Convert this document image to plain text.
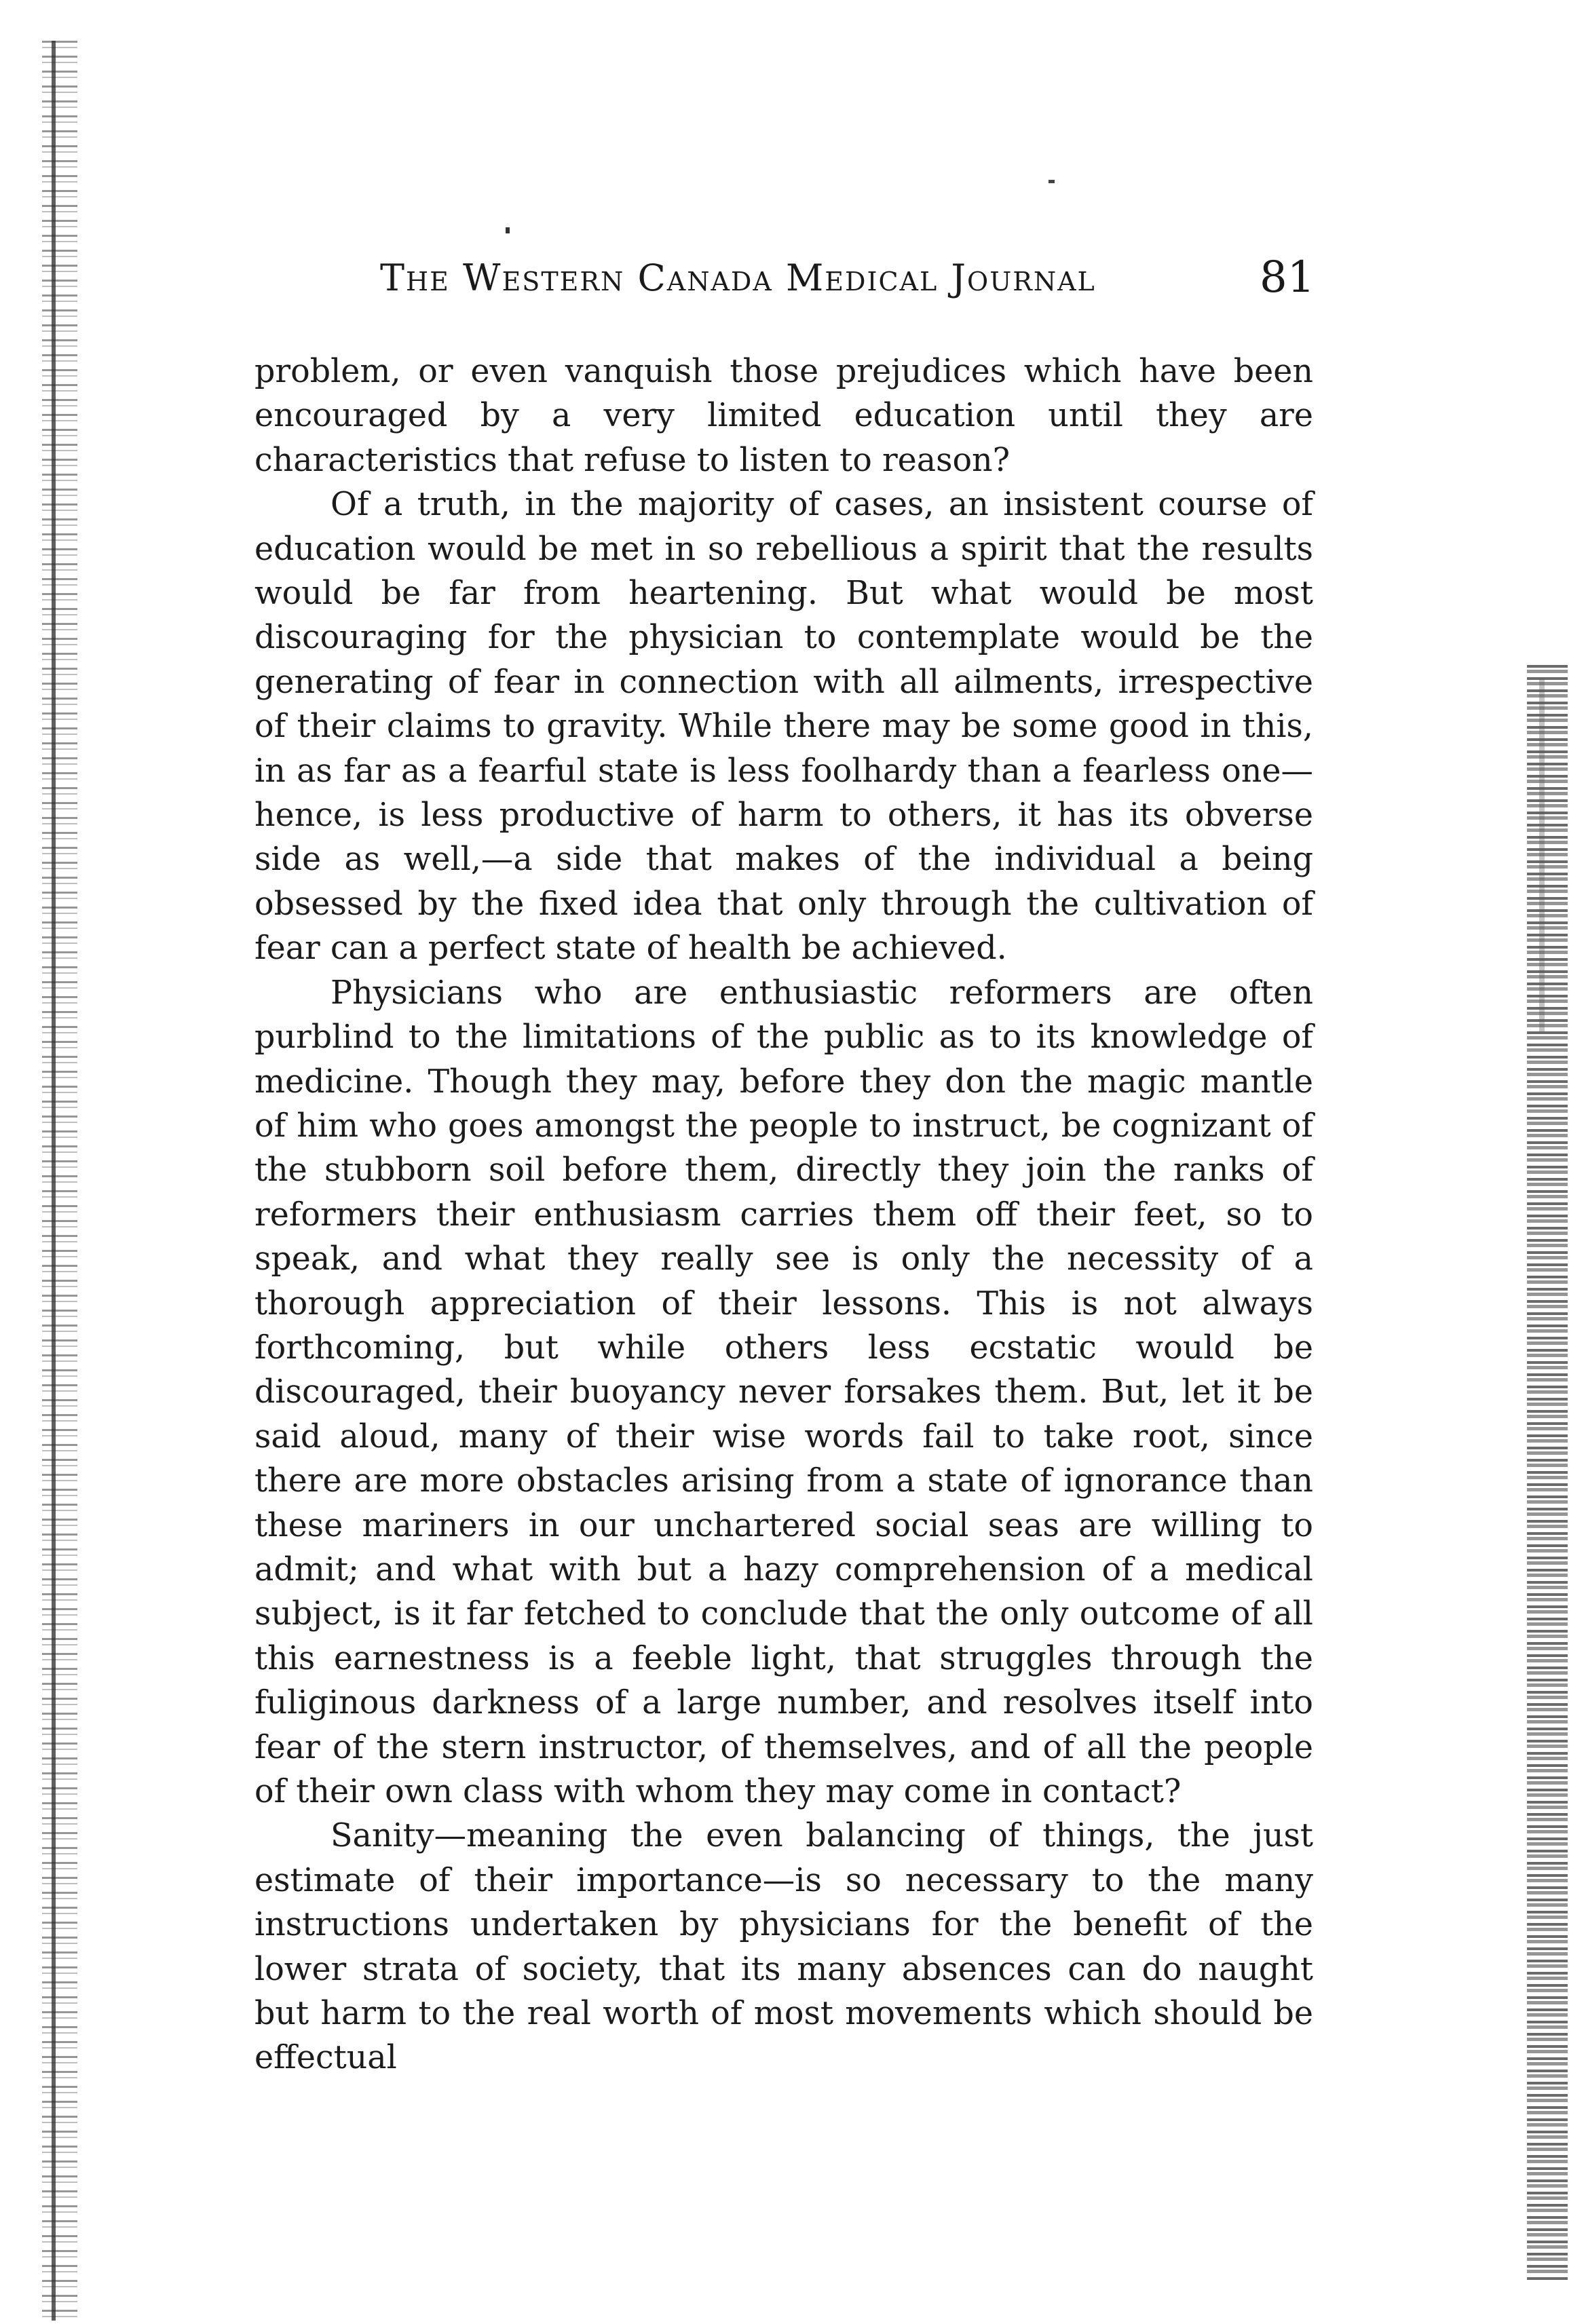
The Western Canada Medical Journal	81

problem, or even vanquish those prejudices which have been encouraged by a very limited education until they are characteristics that refuse to listen to reason?

Of a truth, in the majority of cases, an insistent course of education would be met in so rebellious a spirit that the results would be far from heartening. But what would be most discouraging for the physician to contemplate would be the generating of fear in connection with all ailments, irrespective of their claims to gravity. While there may be some good in this, in as far as a fearful state is less foolhardy than a fearless one—hence, is less productive of harm to others, it has its obverse side as well,—a side that makes of the individual a being obsessed by the fixed idea that only through the cultivation of fear can a perfect state of health be achieved.

Physicians who are enthusiastic reformers are often purblind to the limitations of the public as to its knowledge of medicine. Though they may, before they don the magic mantle of him who goes amongst the people to instruct, be cognizant of the stubborn soil before them, directly they join the ranks of reformers their enthusiasm carries them off their feet, so to speak, and what they really see is only the necessity of a thorough appreciation of their lessons. This is not always forthcoming, but while others less ecstatic would be discouraged, their buoyancy never forsakes them. But, let it be said aloud, many of their wise words fail to take root, since there are more obstacles arising from a state of ignorance than these mariners in our unchartered social seas are willing to admit; and what with but a hazy comprehension of a medical subject, is it far fetched to conclude that the only outcome of all this earnestness is a feeble light, that struggles through the fuliginous darkness of a large number, and resolves itself into fear of the stern instructor, of themselves, and of all the people of their own class with whom they may come in contact?

Sanity—meaning the even balancing of things, the just estimate of their importance—is so necessary to the many instructions undertaken by physicians for the benefit of the lower strata of society, that its many absences can do naught but harm to the real worth of most movements which should be effectual
